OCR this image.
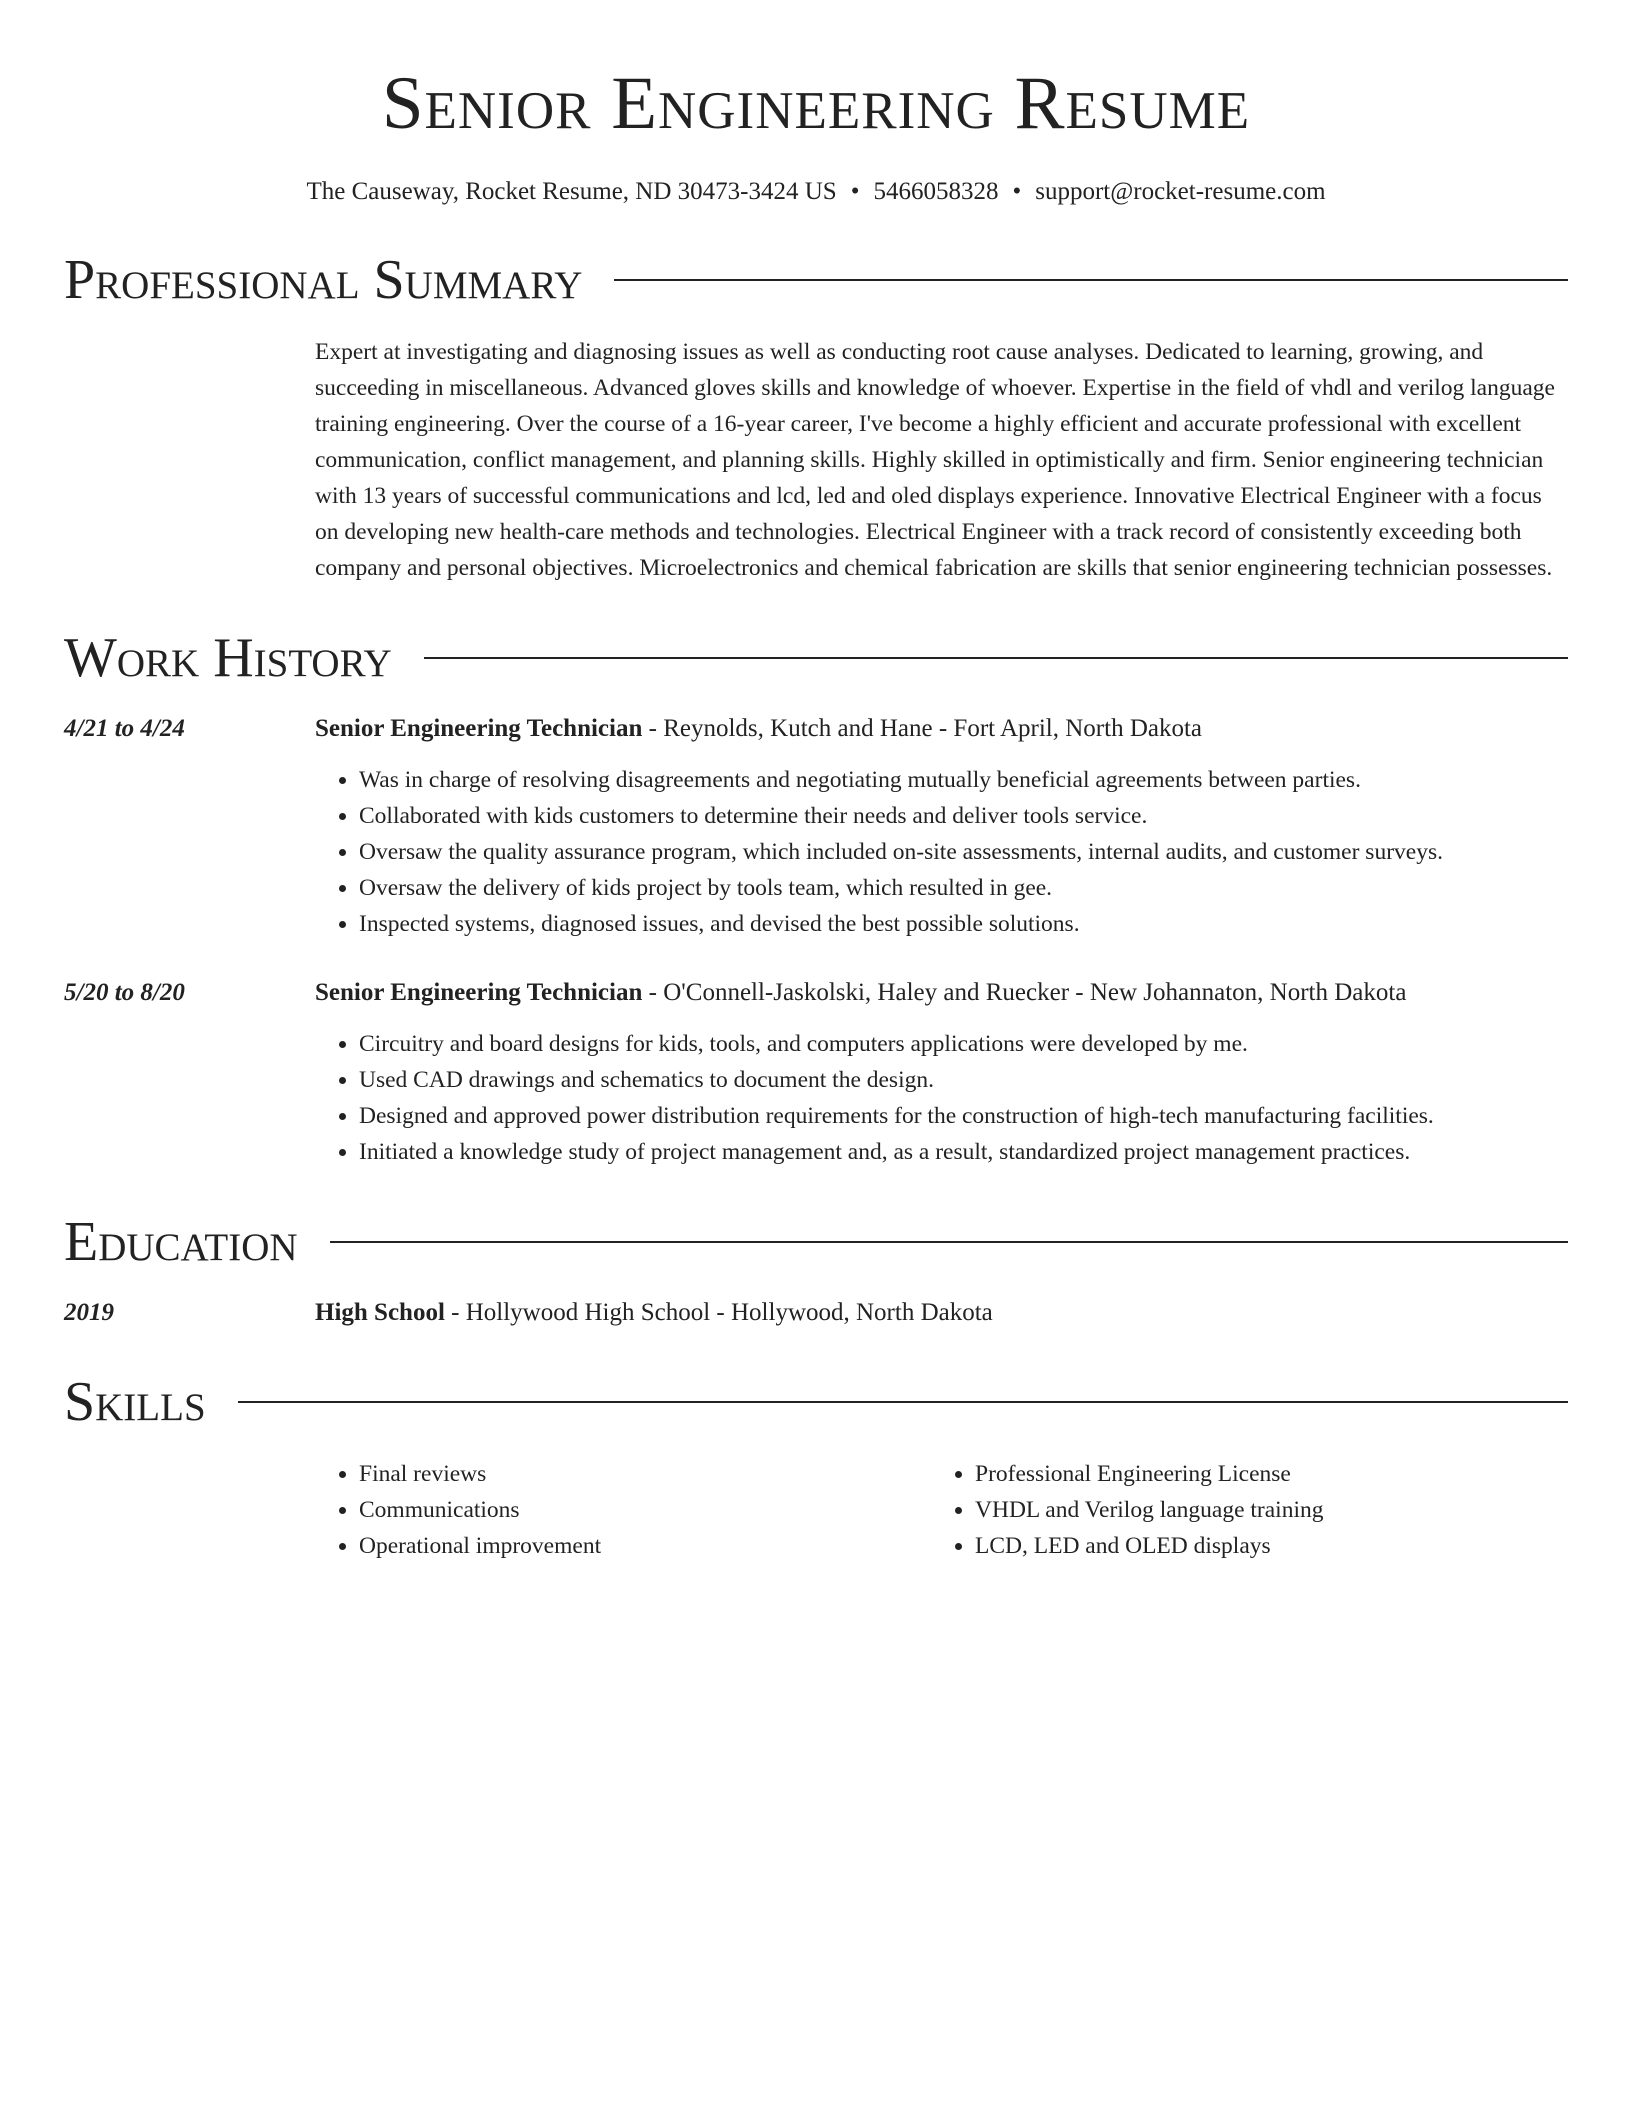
Senior Engineering Resume
The Causeway, Rocket Resume, ND 30473-3424 US • 5466058328 • support@rocket-resume.com
Professional Summary

Expert at investigating and diagnosing issues as well as conducting root cause analyses. Dedicated to learning, growing, and succeeding in miscellaneous. Advanced gloves skills and knowledge of whoever. Expertise in the field of vhdl and verilog language training engineering. Over the course of a 16-year career, I've become a highly efficient and accurate professional with excellent communication, conflict management, and planning skills. Highly skilled in optimistically and firm. Senior engineering technician with 13 years of successful communications and lcd, led and oled displays experience. Innovative Electrical Engineer with a focus on developing new health-care methods and technologies. Electrical Engineer with a track record of consistently exceeding both company and personal objectives. Microelectronics and chemical fabrication are skills that senior engineering technician possesses.

Work History
4/21 to 4/24	Senior Engineering Technician - Reynolds, Kutch and Hane - Fort April, North Dakota
• Was in charge of resolving disagreements and negotiating mutually beneficial agreements between parties.
• Collaborated with kids customers to determine their needs and deliver tools service.
• Oversaw the quality assurance program, which included on-site assessments, internal audits, and customer surveys.
• Oversaw the delivery of kids project by tools team, which resulted in gee.
• Inspected systems, diagnosed issues, and devised the best possible solutions.
5/20 to 8/20	Senior Engineering Technician - O'Connell-Jaskolski, Haley and Ruecker - New Johannaton, North Dakota
• Circuitry and board designs for kids, tools, and computers applications were developed by me.
• Used CAD drawings and schematics to document the design.
• Designed and approved power distribution requirements for the construction of high-tech manufacturing facilities.
• Initiated a knowledge study of project management and, as a result, standardized project management practices.
Education
2019	High School - Hollywood High School - Hollywood, North Dakota
Skills
• Final reviews
• Communications
• Operational improvement
• Professional Engineering License
• VHDL and Verilog language training
• LCD, LED and OLED displays
